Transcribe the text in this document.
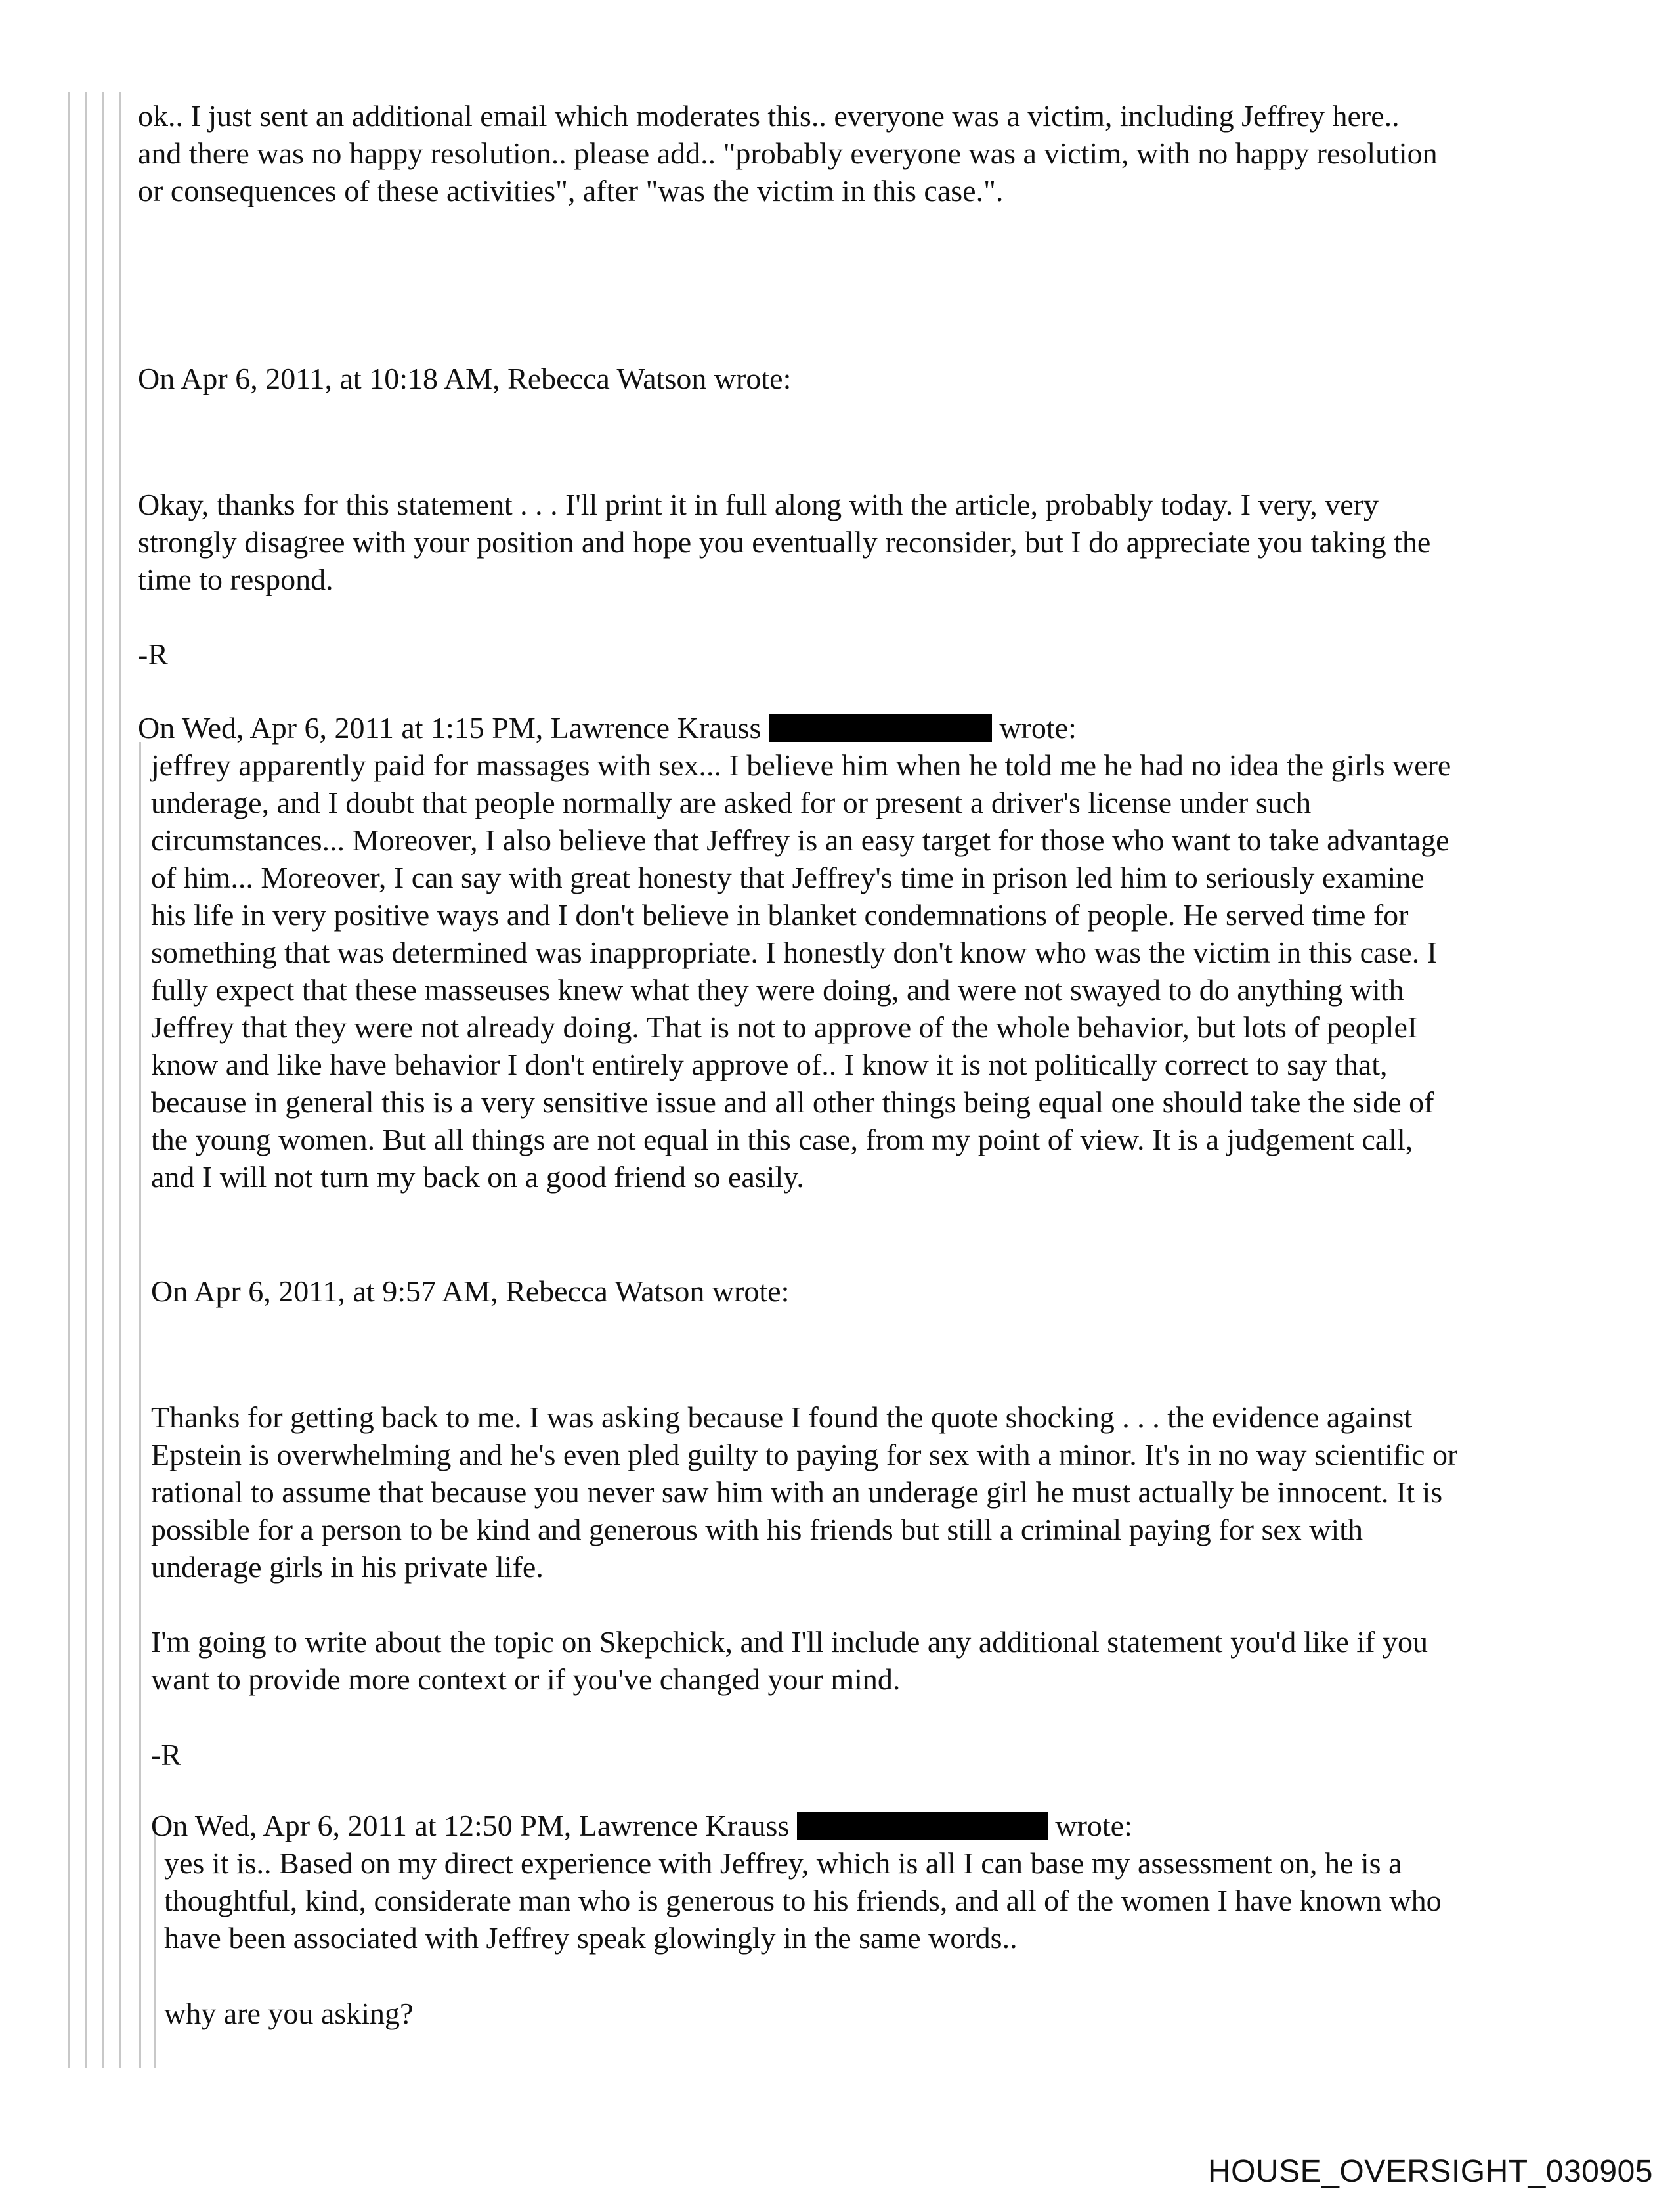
ok.. I just sent an additional email which moderates this.. everyone was a victim, including Jeffrey here..
and there was no happy resolution.. please add.. "probably everyone was a victim, with no happy resolution
or consequences of these activities", after "was the victim in this case.".
On Apr 6, 2011, at 10:18 AM, Rebecca Watson wrote:
Okay, thanks for this statement . . . I'll print it in full along with the article, probably today. I very, very
strongly disagree with your position and hope you eventually reconsider, but I do appreciate you taking the
time to respond.
-R
On Wed, Apr 6, 2011 at 1:15 PM, Lawrence Krauss	wrote:
jeffrey apparently paid for massages with sex... I believe him when he told me he had no idea the girls were
underage, and I doubt that people normally are asked for or present a driver's license under such
circumstances... Moreover, I also believe that Jeffrey is an easy target for those who want to take advantage
of him... Moreover, I can say with great honesty that Jeffrey's time in prison led him to seriously examine
his life in very positive ways and I don't believe in blanket condemnations of people. He served time for
something that was determined was inappropriate. I honestly don't know who was the victim in this case. I
fully expect that these masseuses knew what they were doing, and were not swayed to do anything with
Jeffrey that they were not already doing. That is not to approve of the whole behavior, but lots of peopleI
know and like have behavior I don't entirely approve of.. I know it is not politically correct to say that,
because in general this is a very sensitive issue and all other things being equal one should take the side of
the young women. But all things are not equal in this case, from my point of view. It is a judgement call,
and I will not turn my back on a good friend so easily.
On Apr 6, 2011, at 9:57 AM, Rebecca Watson wrote:
Thanks for getting back to me. I was asking because I found the quote shocking . . . the evidence against
Epstein is overwhelming and he's even pled guilty to paying for sex with a minor. It's in no way scientific or
rational to assume that because you never saw him with an underage girl he must actually be innocent. It is
possible for a person to be kind and generous with his friends but still a criminal paying for sex with
underage girls in his private life.
I'm going to write about the topic on Skepchick, and I'll include any additional statement you'd like if you
want to provide more context or if you've changed your mind.
-R
On Wed, Apr 6, 2011 at 12:50 PM, Lawrence Krauss	wrote:
yes it is.. Based on my direct experience with Jeffrey, which is all I can base my assessment on, he is a
thoughtful, kind, considerate man who is generous to his friends, and all of the women I have known who
have been associated with Jeffrey speak glowingly in the same words..
why are you asking?

HOUSE_OVERSIGHT_030905
